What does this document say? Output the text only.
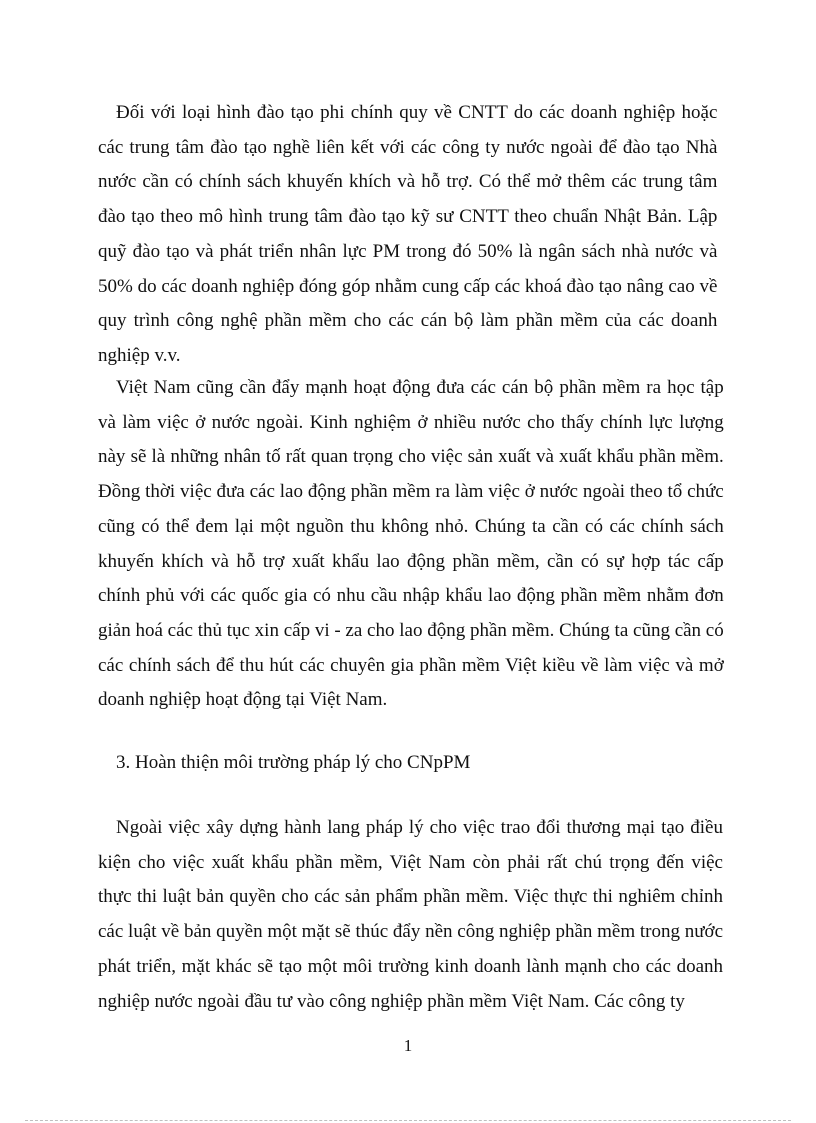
Đối với loại hình đào tạo phi chính quy về CNTT do các doanh nghiệp hoặc
các trung tâm đào tạo nghề liên kết với các công ty nước ngoài để đào tạo Nhà
nước cần có chính sách khuyến khích và hỗ trợ. Có thể mở thêm các trung tâm
đào tạo theo mô hình trung tâm đào tạo kỹ sư CNTT theo chuẩn Nhật Bản. Lập
quỹ đào tạo và phát triển nhân lực PM trong đó 50% là ngân sách nhà nước và
50% do các doanh nghiệp đóng góp nhằm cung cấp các khoá đào tạo nâng cao về
quy trình công nghệ phần mềm cho các cán bộ làm phần mềm của các doanh
nghiệp v.v.

Việt Nam cũng cần đẩy mạnh hoạt động đưa các cán bộ phần mềm ra học tập
và làm việc ở nước ngoài. Kinh nghiệm ở nhiều nước cho thấy chính lực lượng
này sẽ là những nhân tố rất quan trọng cho việc sản xuất và xuất khẩu phần mềm.
Đồng thời việc đưa các lao động phần mềm ra làm việc ở nước ngoài theo tổ chức
cũng có thể đem lại một nguồn thu không nhỏ. Chúng ta cần có các chính sách
khuyến khích và hỗ trợ xuất khẩu lao động phần mềm, cần có sự hợp tác cấp
chính phủ với các quốc gia có nhu cầu nhập khẩu lao động phần mềm nhằm đơn
giản hoá các thủ tục xin cấp vi - za cho lao động phần mềm. Chúng ta cũng cần có
các chính sách để thu hút các chuyên gia phần mềm Việt kiều về làm việc và mở
doanh nghiệp hoạt động tại Việt Nam.

3. Hoàn thiện môi trường pháp lý cho CNpPM

Ngoài việc xây dựng hành lang pháp lý cho việc trao đổi thương mại tạo điều
kiện cho việc xuất khẩu phần mềm, Việt Nam còn phải rất chú trọng đến việc
thực thi luật bản quyền cho các sản phẩm phần mềm. Việc thực thi nghiêm chỉnh
các luật về bản quyền một mặt sẽ thúc đẩy nền công nghiệp phần mềm trong nước
phát triển, mặt khác sẽ tạo một môi trường kinh doanh lành mạnh cho các doanh
nghiệp nước ngoài đầu tư vào công nghiệp phần mềm Việt Nam. Các công ty

1
